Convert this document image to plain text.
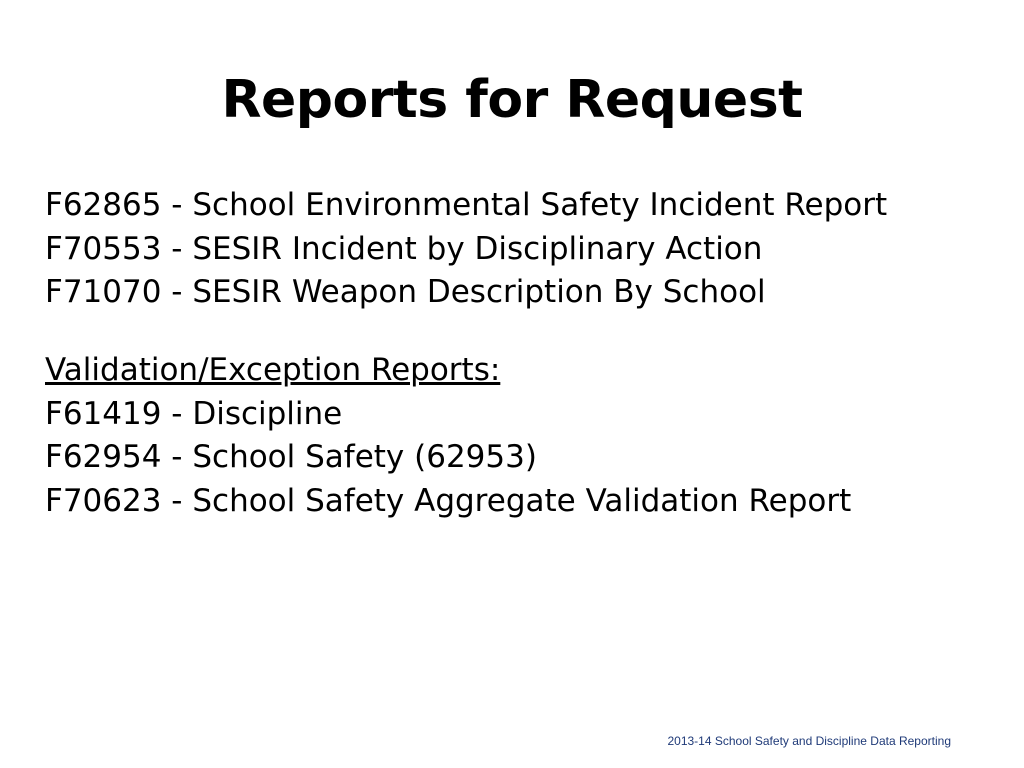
Reports for Request

F62865 - School Environmental Safety Incident Report

F70553 - SESIR Incident by Disciplinary Action

F71070 - SESIR Weapon Description By School

Validation/Exception Reports:

F61419 - Discipline

F62954 - School Safety (62953)

F70623 - School Safety Aggregate Validation Report

2013-14 School Safety and Discipline Data Reporting
